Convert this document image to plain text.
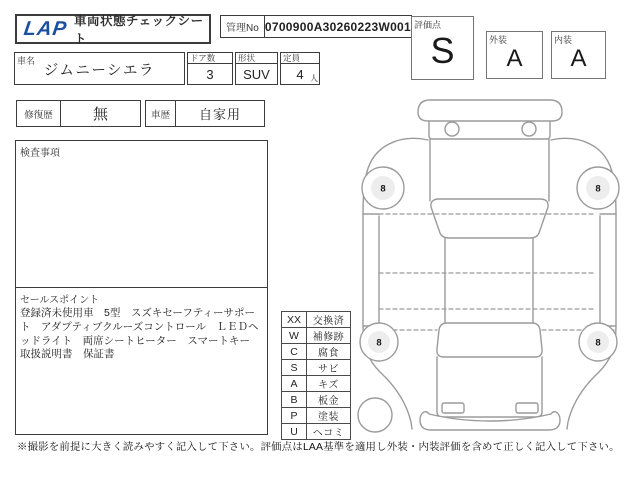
LAP 車両状態チェックシート
管理No 0700900A30260223W001 評価点
S	外装
A
内装
A
車名
ジムニーシエラ
ドア数
3
形状
SUV
定員
4 人
修復歴	無	車歴	自家用
検査事項
セールスポイント
登録済未使用車　5型　スズキセーフティーサポート　アダプティブクルーズコントロール　ＬＥＤヘッドライト　両席シートヒーター　スマートキー　取扱説明書　保証書
XX	交換済
W	補修跡
C	腐食
S	サビ
A	キズ
B	板金
P	塗装
U	ヘコミ
8	8
8	8
※撮影を前提に大きく読みやすく記入して下さい。評価点はLAA基準を適用し外装・内装評価を含めて正しく記入して下さい。
